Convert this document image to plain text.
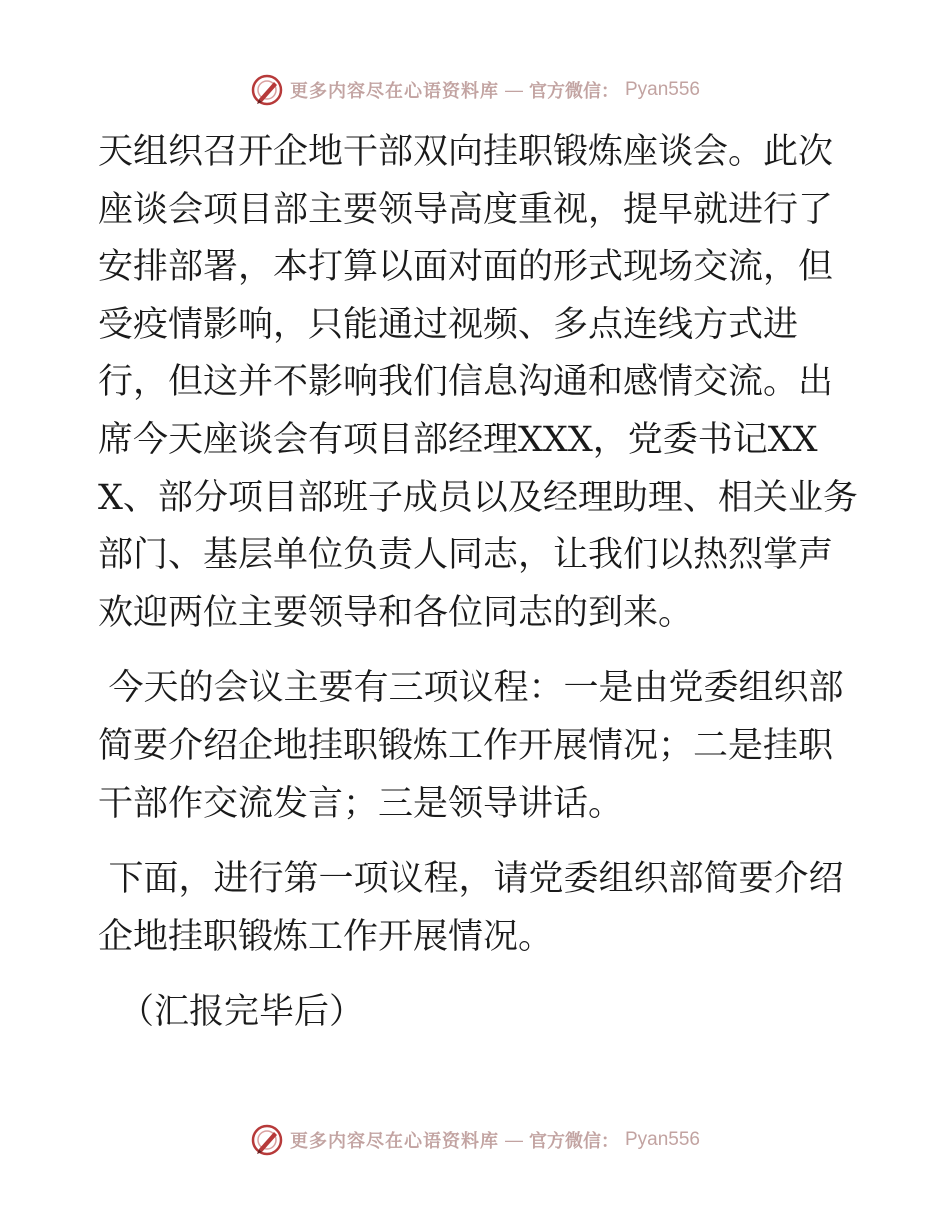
更多内容尽在心语资料库 — 官方微信： Pyan556

天组织召开企地干部双向挂职锻炼座谈会。此次座谈会项目部主要领导高度重视，提早就进行了安排部署，本打算以面对面的形式现场交流，但受疫情影响，只能通过视频、多点连线方式进行，但这并不影响我们信息沟通和感情交流。出席今天座谈会有项目部经理XXX，党委书记XXX、部分项目部班子成员以及经理助理、相关业务部门、基层单位负责人同志，让我们以热烈掌声欢迎两位主要领导和各位同志的到来。

今天的会议主要有三项议程：一是由党委组织部简要介绍企地挂职锻炼工作开展情况；二是挂职干部作交流发言；三是领导讲话。

下面，进行第一项议程，请党委组织部简要介绍企地挂职锻炼工作开展情况。

（汇报完毕后）

更多内容尽在心语资料库 — 官方微信： Pyan556
